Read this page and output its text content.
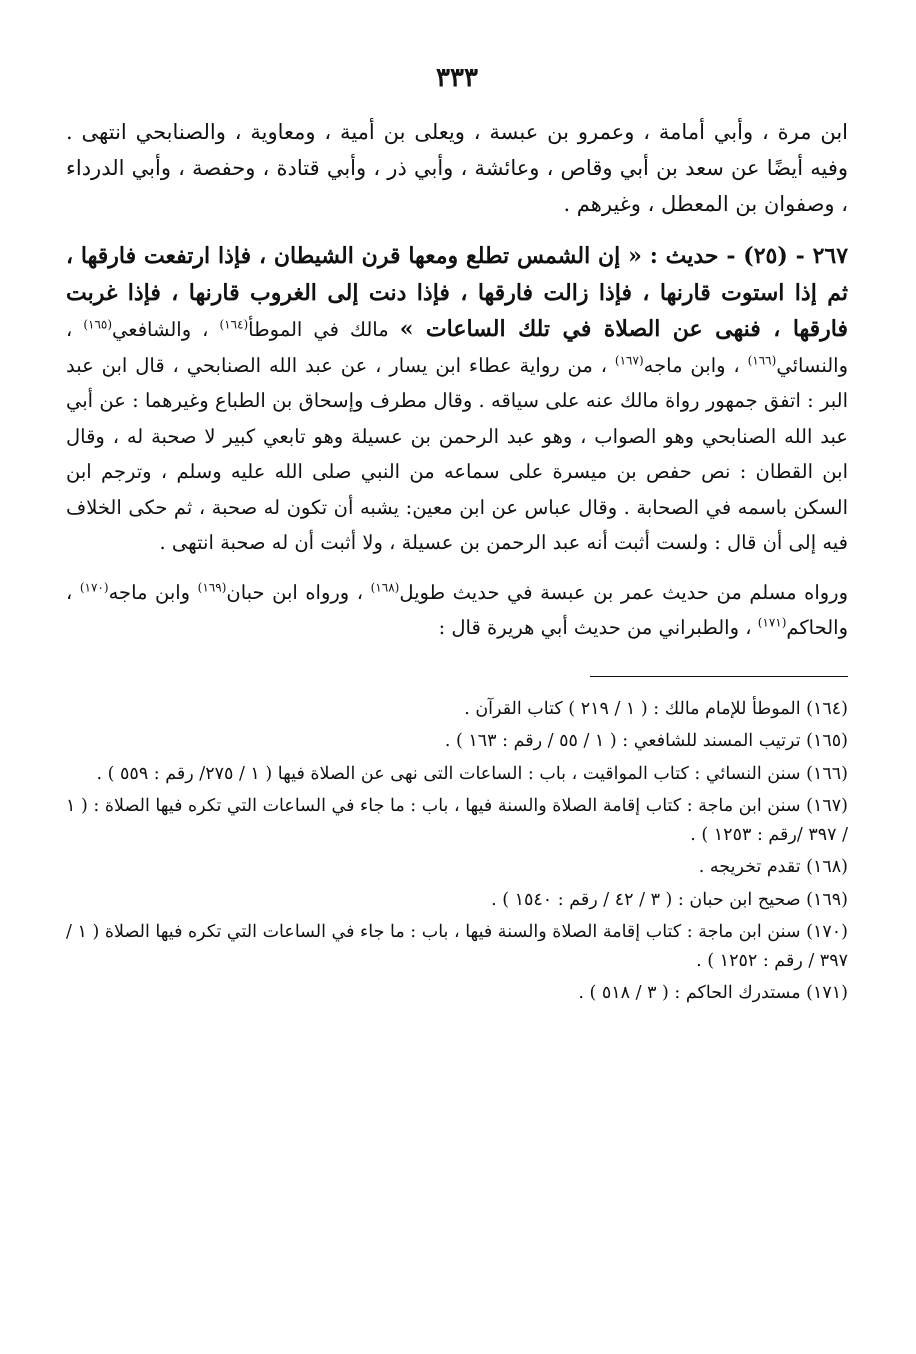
٣٣٣

ابن مرة ، وأبي أمامة ، وعمرو بن عبسة ، ويعلى بن أمية ، ومعاوية ، والصنابحي انتهى . وفيه أيضًا عن سعد بن أبي وقاص ، وعائشة ، وأبي ذر ، وأبي قتادة ، وحفصة ، وأبي الدرداء ، وصفوان بن المعطل ، وغيرهم .

٢٦٧ - (٢٥) - حديث : « إن الشمس تطلع ومعها قرن الشيطان ، فإذا ارتفعت فارقها ، ثم إذا استوت قارنها ، فإذا زالت فارقها ، فإذا دنت إلى الغروب قارنها ، فإذا غربت فارقها ، فنهى عن الصلاة في تلك الساعات » مالك في الموطأ$^{(١٦٤)}$ ، والشافعي$^{(١٦٥)}$ ، والنسائي$^{(١٦٦)}$ ، وابن ماجه$^{(١٦٧)}$ ، من رواية عطاء ابن يسار ، عن عبد الله الصنابحي ، قال ابن عبد البر : اتفق جمهور رواة مالك عنه على سياقه . وقال مطرف وإسحاق بن الطباع وغيرهما : عن أبي عبد الله الصنابحي وهو الصواب ، وهو عبد الرحمن بن عسيلة وهو تابعي كبير لا صحبة له ، وقال ابن القطان : نص حفص بن ميسرة على سماعه من النبي صلى الله عليه وسلم ، وترجم ابن السكن باسمه في الصحابة . وقال عباس عن ابن معين: يشبه أن تكون له صحبة ، ثم حكى الخلاف فيه إلى أن قال : ولست أثبت أنه عبد الرحمن بن عسيلة ، ولا أثبت أن له صحبة انتهى .

ورواه مسلم من حديث عمر بن عبسة في حديث طويل$^{(١٦٨)}$ ، ورواه ابن حبان$^{(١٦٩)}$ وابن ماجه$^{(١٧٠)}$ ، والحاكم$^{(١٧١)}$ ، والطبراني من حديث أبي هريرة قال :

(١٦٤) الموطأ للإمام مالك : ( ١ / ٢١٩ ) كتاب القرآن .

(١٦٥) ترتيب المسند للشافعي : ( ١ / ٥٥ / رقم : ١٦٣ ) .

(١٦٦) سنن النسائي : كتاب المواقيت ، باب : الساعات التى نهى عن الصلاة فيها ( ١ / ٢٧٥/ رقم : ٥٥٩ ) .

(١٦٧) سنن ابن ماجة : كتاب إقامة الصلاة والسنة فيها ، باب : ما جاء في الساعات التي تكره فيها الصلاة : ( ١ / ٣٩٧ /رقم : ١٢٥٣ ) .

(١٦٨) تقدم تخريجه .

(١٦٩) صحيح ابن حبان : ( ٣ / ٤٢ / رقم : ١٥٤٠ ) .

(١٧٠) سنن ابن ماجة : كتاب إقامة الصلاة والسنة فيها ، باب : ما جاء في الساعات التي تكره فيها الصلاة ( ١ / ٣٩٧ / رقم : ١٢٥٢ ) .

(١٧١) مستدرك الحاكم : ( ٣ / ٥١٨ ) .
